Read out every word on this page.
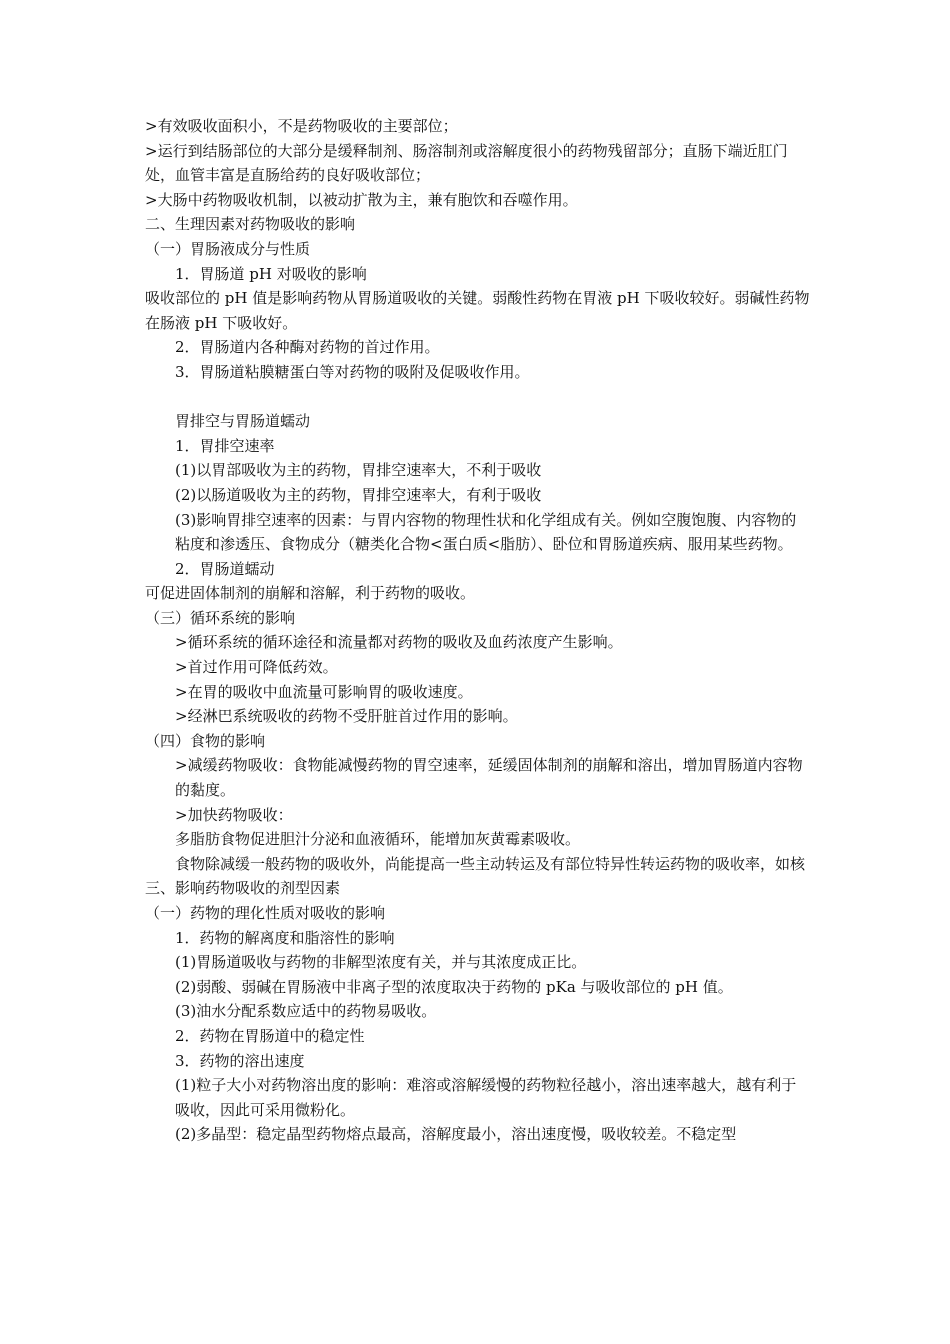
>有效吸收面积小，不是药物吸收的主要部位；

>运行到结肠部位的大部分是缓释制剂、肠溶制剂或溶解度很小的药物残留部分；直肠下端近肛门处，血管丰富是直肠给药的良好吸收部位；

>大肠中药物吸收机制，以被动扩散为主，兼有胞饮和吞噬作用。

二、生理因素对药物吸收的影响

（一）胃肠液成分与性质

1．胃肠道 pH 对吸收的影响

吸收部位的 pH 值是影响药物从胃肠道吸收的关键。弱酸性药物在胃液 pH 下吸收较好。弱碱性药物在肠液 pH 下吸收好。

2．胃肠道内各种酶对药物的首过作用。

3．胃肠道粘膜糖蛋白等对药物的吸附及促吸收作用。

胃排空与胃肠道蠕动

1．胃排空速率

(1)以胃部吸收为主的药物，胃排空速率大，不利于吸收

(2)以肠道吸收为主的药物，胃排空速率大，有利于吸收

(3)影响胃排空速率的因素：与胃内容物的物理性状和化学组成有关。例如空腹饱腹、内容物的粘度和渗透压、食物成分（糖类化合物<蛋白质<脂肪）、卧位和胃肠道疾病、服用某些药物。

2．胃肠道蠕动

可促进固体制剂的崩解和溶解，利于药物的吸收。

（三）循环系统的影响

>循环系统的循环途径和流量都对药物的吸收及血药浓度产生影响。

>首过作用可降低药效。

>在胃的吸收中血流量可影响胃的吸收速度。

>经淋巴系统吸收的药物不受肝脏首过作用的影响。

（四）食物的影响

>减缓药物吸收：食物能减慢药物的胃空速率，延缓固体制剂的崩解和溶出，增加胃肠道内容物的黏度。

>加快药物吸收：

多脂肪食物促进胆汁分泌和血液循环，能增加灰黄霉素吸收。

食物除减缓一般药物的吸收外，尚能提高一些主动转运及有部位特异性转运药物的吸收率，如核

三、影响药物吸收的剂型因素

（一）药物的理化性质对吸收的影响

1．药物的解离度和脂溶性的影响

(1)胃肠道吸收与药物的非解型浓度有关，并与其浓度成正比。

(2)弱酸、弱碱在胃肠液中非离子型的浓度取决于药物的 pKa 与吸收部位的 pH 值。

(3)油水分配系数应适中的药物易吸收。

2．药物在胃肠道中的稳定性

3．药物的溶出速度

(1)粒子大小对药物溶出度的影响：难溶或溶解缓慢的药物粒径越小，溶出速率越大，越有利于吸收，因此可采用微粉化。

(2)多晶型：稳定晶型药物熔点最高，溶解度最小，溶出速度慢，吸收较差。不稳定型
